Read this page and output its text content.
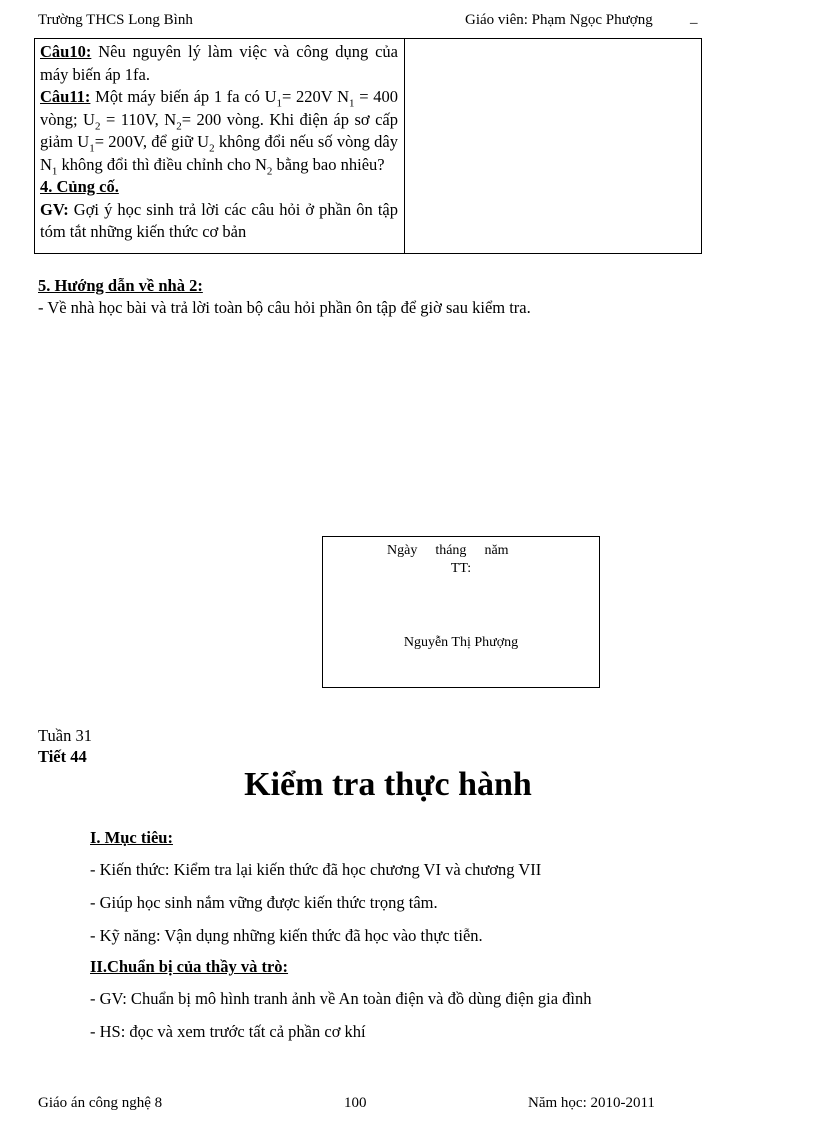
Trường THCS Long Bình	Giáo viên: Phạm Ngọc Phượng _

Câu10: Nêu nguyên lý làm việc và công dụng của máy biến áp 1fa.

Câu11: Một máy biến áp 1 fa có $U_1= 220V$ $N_1 = 400$ vòng; $U_2 = 110V$, $N_2= 200$ vòng. Khi điện áp sơ cấp giảm $U_1= 200V$, để giữ $U_2$ không đổi nếu số vòng dây $N_1$ không đổi thì điều chỉnh cho $N_2$ bằng bao nhiêu?

4. Củng cố.

GV: Gợi ý học sinh trả lời các câu hỏi ở phần ôn tập tóm tắt những kiến thức cơ bản

5. Hướng dẫn về nhà 2:
- Về nhà học bài và trả lời toàn bộ câu hỏi phần ôn tập để giờ sau kiểm tra.
Ngày tháng năm
TT:
Nguyễn Thị Phượng
Tuần 31
Tiết 44
Kiểm tra thực hành
I. Mục tiêu:
- Kiến thức: Kiểm tra lại kiến thức đã học chương VI và chương VII
- Giúp học sinh nắm vững được kiến thức trọng tâm.
- Kỹ năng: Vận dụng những kiến thức đã học vào thực tiễn.
II.Chuẩn bị của thầy và trò:
- GV: Chuẩn bị mô hình tranh ảnh về An toàn điện và đồ dùng điện gia đình
- HS: đọc và xem trước tất cả phần cơ khí
Giáo án công nghệ 8	100	Năm học: 2010-2011
